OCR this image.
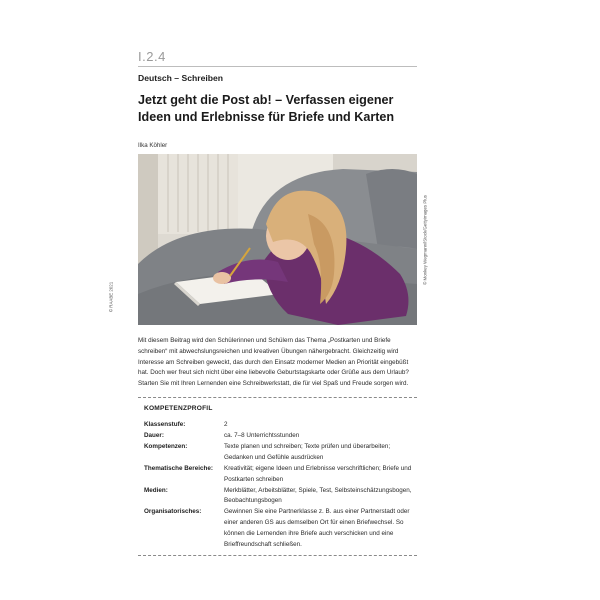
I.2.4
Deutsch – Schreiben
Jetzt geht die Post ab! – Verfassen eigener Ideen und Erlebnisse für Briefe und Karten
Ilka Köhler
© Monkey Wegmann/iStock/Gettyimages Plus
© RAABE 2021

Mit diesem Beitrag wird den Schülerinnen und Schülern das Thema „Postkarten und Briefe schreiben“ mit abwechslungsreichen und kreativen Übungen nähergebracht. Gleichzeitig wird Interesse am Schreiben geweckt, das durch den Einsatz moderner Medien an Priorität eingebüßt hat. Doch wer freut sich nicht über eine liebevolle Geburtstagskarte oder Grüße aus dem Urlaub? Starten Sie mit Ihren Lernenden eine Schreibwerkstatt, die für viel Spaß und Freude sorgen wird.

KOMPETENZPROFIL
Klassenstufe:	2
Dauer:	ca. 7–8 Unterrichtsstunden
Kompetenzen:	Texte planen und schreiben; Texte prüfen und überarbeiten; Gedanken und Gefühle ausdrücken
Thematische Bereiche:	Kreativität; eigene Ideen und Erlebnisse verschriftlichen; Briefe und Postkarten schreiben
Medien:	Merkblätter, Arbeitsblätter, Spiele, Test, Selbsteinschätzungsbogen, Beobachtungsbogen
Organisatorisches:	Gewinnen Sie eine Partnerklasse z. B. aus einer Partnerstadt oder einer anderen GS aus demselben Ort für einen Briefwechsel. So können die Lernenden ihre Briefe auch verschicken und eine Brieffreundschaft schließen.
